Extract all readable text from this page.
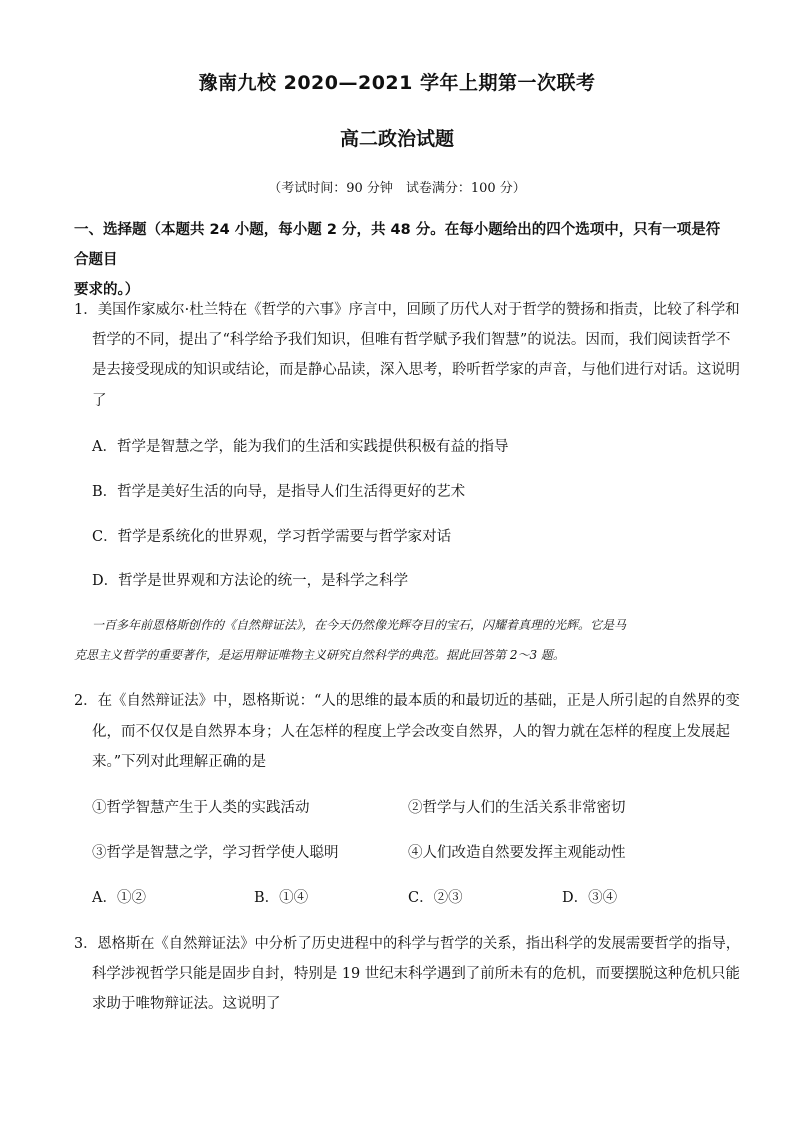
豫南九校 2020—2021 学年上期第一次联考
高二政治试题
（考试时间：90 分钟　试卷满分：100 分）
一、选择题（本题共 24 小题，每小题 2 分，共 48 分。在每小题给出的四个选项中，只有一项是符合题目
要求的。）
1．美国作家威尔·杜兰特在《哲学的六事》序言中，回顾了历代人对于哲学的赞扬和指责，比较了科学和
哲学的不同，提出了“科学给予我们知识，但唯有哲学赋予我们智慧”的说法。因而，我们阅读哲学不
是去接受现成的知识或结论，而是静心品读，深入思考，聆听哲学家的声音，与他们进行对话。这说明
了
A．哲学是智慧之学，能为我们的生活和实践提供积极有益的指导
B．哲学是美好生活的向导，是指导人们生活得更好的艺术
C．哲学是系统化的世界观，学习哲学需要与哲学家对话
D．哲学是世界观和方法论的统一，是科学之科学
一百多年前恩格斯创作的《自然辩证法》，在今天仍然像光辉夺目的宝石，闪耀着真理的光辉。它是马
克思主义哲学的重要著作，是运用辩证唯物主义研究自然科学的典范。据此回答第 2～3 题。
2．在《自然辩证法》中，恩格斯说：“人的思维的最本质的和最切近的基础，正是人所引起的自然界的变
化，而不仅仅是自然界本身；人在怎样的程度上学会改变自然界，人的智力就在怎样的程度上发展起
来。”下列对此理解正确的是
①哲学智慧产生于人类的实践活动	②哲学与人们的生活关系非常密切
③哲学是智慧之学，学习哲学使人聪明	④人们改造自然要发挥主观能动性
A．①②	B．①④	C．②③	D．③④
3．恩格斯在《自然辩证法》中分析了历史进程中的科学与哲学的关系，指出科学的发展需要哲学的指导，
科学涉视哲学只能是固步自封，特别是 19 世纪末科学遇到了前所未有的危机，而要摆脱这种危机只能
求助于唯物辩证法。这说明了
